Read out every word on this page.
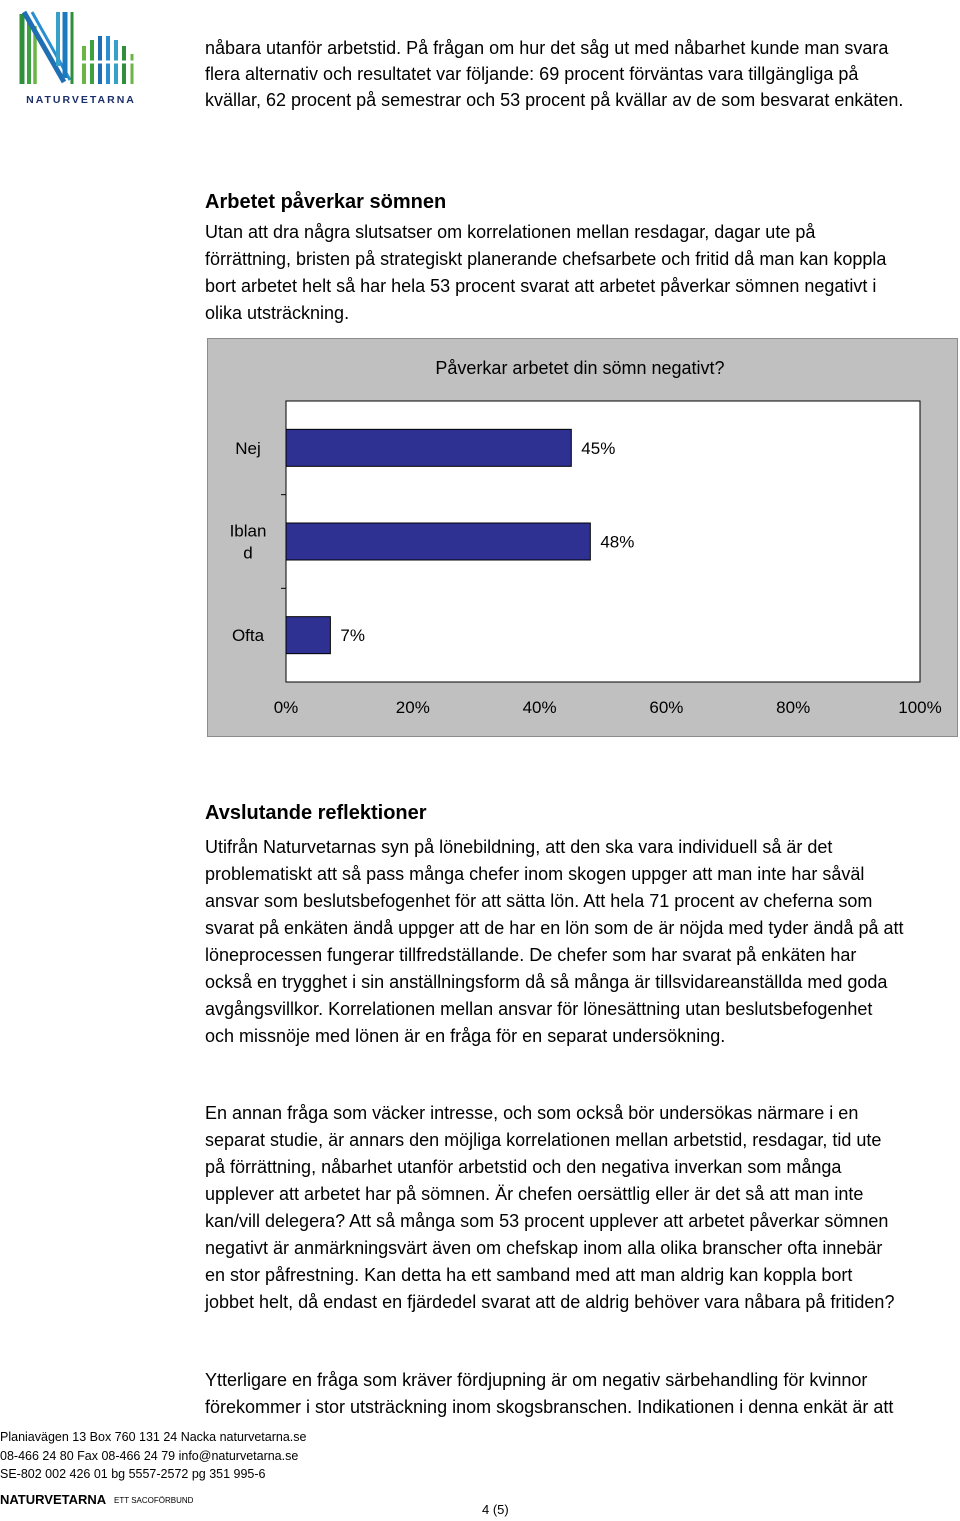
NATURVETARNA
nåbara utanför arbetstid. På frågan om hur det såg ut med nåbarhet kunde man svara
flera alternativ och resultatet var följande: 69 procent förväntas vara tillgängliga på
kvällar, 62 procent på semestrar och 53 procent på kvällar av de som besvarat enkäten.
Arbetet påverkar sömnen
Utan att dra några slutsatser om korrelationen mellan resdagar, dagar ute på
förrättning, bristen på strategiskt planerande chefsarbete och fritid då man kan koppla
bort arbetet helt så har hela 53 procent svarat att arbetet påverkar sömnen negativt i
olika utsträckning.
Påverkar arbetet din sömn negativt?
45%
Nej
48%
Iblan
d
7%
Ofta
0%	20%	40%	60%	80%	100%
Avslutande reflektioner
Utifrån Naturvetarnas syn på lönebildning, att den ska vara individuell så är det
problematiskt att så pass många chefer inom skogen uppger att man inte har såväl
ansvar som beslutsbefogenhet för att sätta lön. Att hela 71 procent av cheferna som
svarat på enkäten ändå uppger att de har en lön som de är nöjda med tyder ändå på att
löneprocessen fungerar tillfredställande. De chefer som har svarat på enkäten har
också en trygghet i sin anställningsform då så många är tillsvidareanställda med goda
avgångsvillkor. Korrelationen mellan ansvar för lönesättning utan beslutsbefogenhet
och missnöje med lönen är en fråga för en separat undersökning.
En annan fråga som väcker intresse, och som också bör undersökas närmare i en
separat studie, är annars den möjliga korrelationen mellan arbetstid, resdagar, tid ute
på förrättning, nåbarhet utanför arbetstid och den negativa inverkan som många
upplever att arbetet har på sömnen. Är chefen oersättlig eller är det så att man inte
kan/vill delegera? Att så många som 53 procent upplever att arbetet påverkar sömnen
negativt är anmärkningsvärt även om chefskap inom alla olika branscher ofta innebär
en stor påfrestning. Kan detta ha ett samband med att man aldrig kan koppla bort
jobbet helt, då endast en fjärdedel svarat att de aldrig behöver vara nåbara på fritiden?
Ytterligare en fråga som kräver fördjupning är om negativ särbehandling för kvinnor
förekommer i stor utsträckning inom skogsbranschen. Indikationen i denna enkät är att
Planiavägen 13 Box 760 131 24 Nacka naturvetarna.se
08-466 24 80 Fax 08-466 24 79 info@naturvetarna.se
SE-802 002 426 01 bg 5557-2572 pg 351 995-6
NATURVETARNA ETT SACOFÖRBUND
4 (5)
